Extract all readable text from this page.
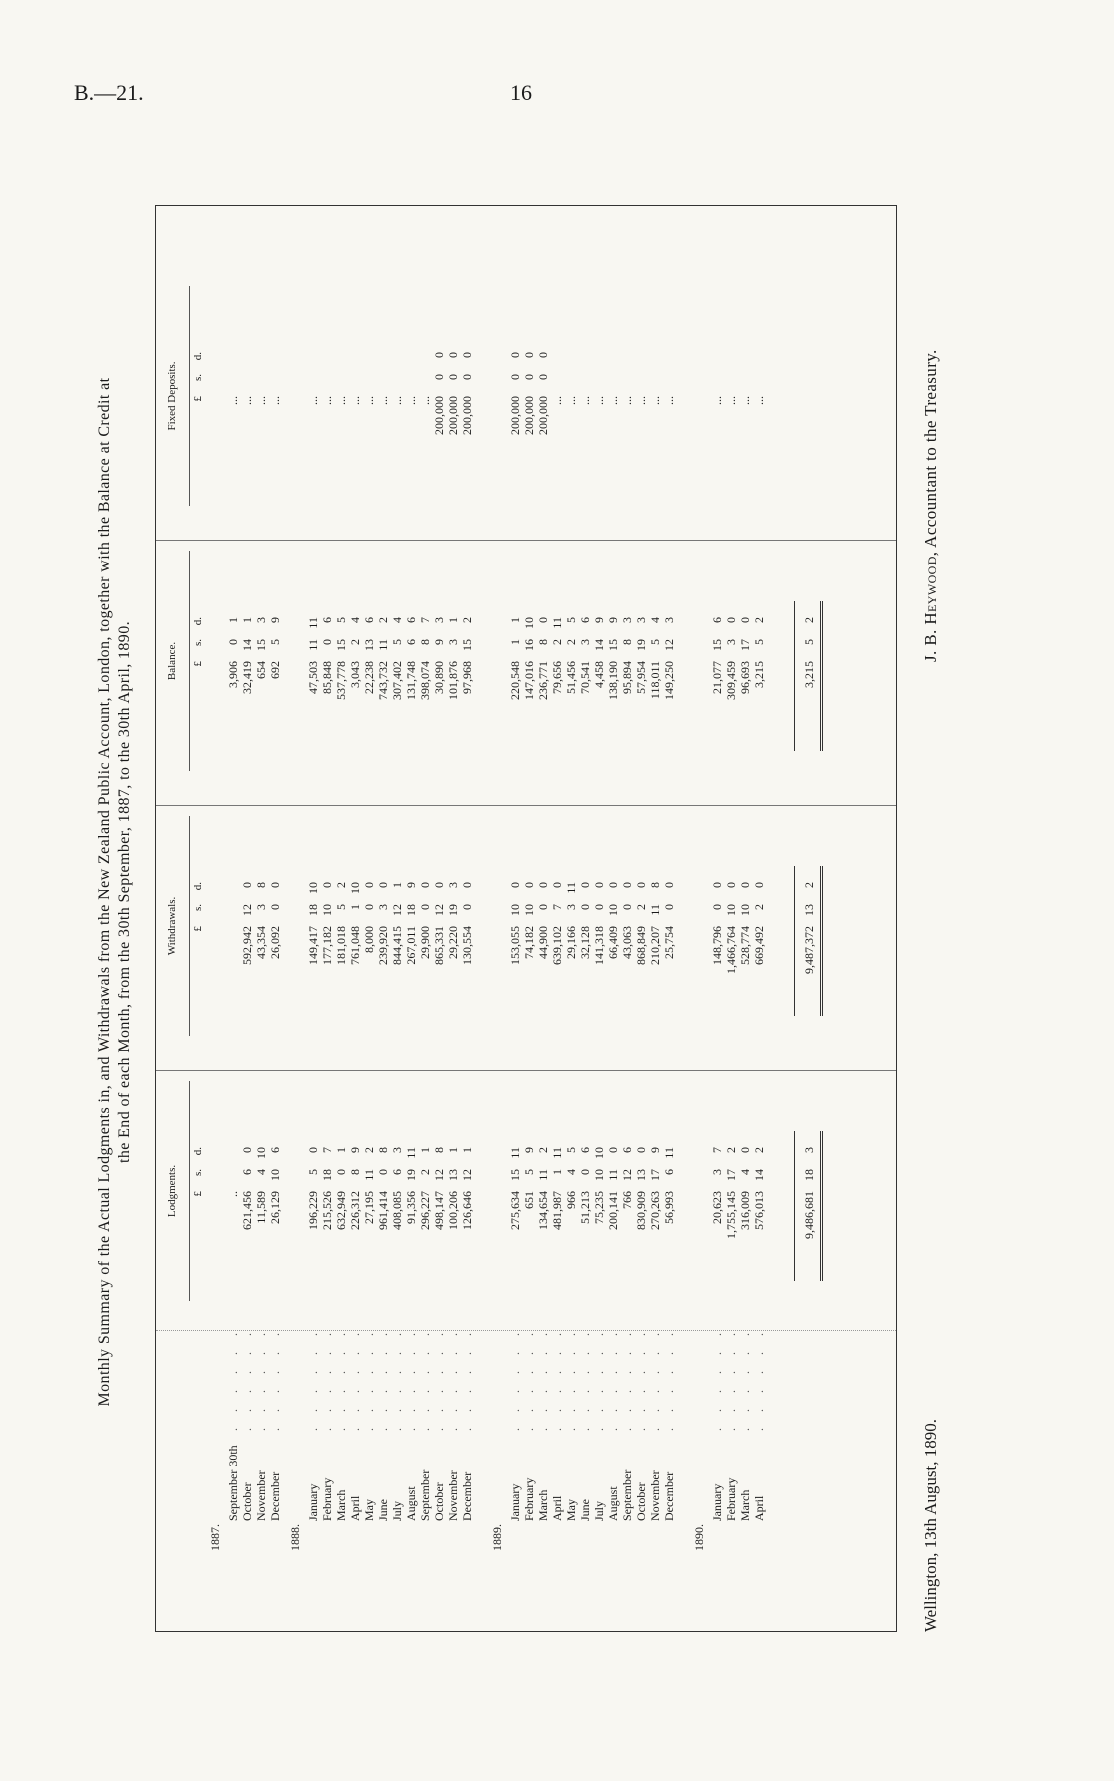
B.—21.	16
Monthly Summary of the Actual Lodgments in, and Withdrawals from the New Zealand Public Account, London, together with the Balance at Credit at the End of each Month, from the 30th September, 1887, to the 30th April, 1890.
Lodgments.
Withdrawals.
Balance.
Fixed Deposits.
£s.d.
£s.d.
£s.d.
£s.d.
1887.
September 30th
......
..
3,90601
...
October
......
621,45660
592,942120
32,419141
...
November
......
11,589410
43,35438
654153
...
December
......
26,129106
26,09200
69259
...
1888.
January
......
196,22950
149,4171810
47,5031111
...
February
......
215,526187
177,182100
85,84806
...
March
......
632,94901
181,01852
537,778155
...
April
......
226,31289
761,048110
3,04324
...
May
......
27,195112
8,00000
22,238136
...
June
......
961,41408
239,92030
743,732112
...
July
......
408,08563
844,415121
307,40254
...
August
......
91,3561911
267,011189
131,74866
...
September
......
296,22721
29,90000
398,07487
...
October
......
498,147128
865,331120
30,89093
200,00000
November
......
100,206131
29,220193
101,87631
200,00000
December
......
126,646121
130,55400
97,968152
200,00000
1889.
January
......
275,6341511
153,055100
220,54811
200,00000
February
......
65159
74,182100
147,0161610
200,00000
March
......
134,654112
44,90000
236,77180
200,00000
April
......
481,987111
639,10270
79,656211
...
May
......
96645
29,166311
51,45625
...
June
......
51,21306
32,12800
70,54136
...
July
......
75,2351010
141,31800
4,458149
...
August
......
200,141110
66,409100
138,190159
...
September
......
766126
43,06300
95,89483
...
October
......
830,909130
868,84920
57,954193
...
November
......
270,263179
210,207118
118,01154
...
December
......
56,993611
25,75400
149,250123
...
1890.
January
......
20,62337
148,79600
21,077156
...
February
......
1,755,145172
1,466,764100
309,45930
...
March
......
316,00940
528,774100
96,693170
...
April
......
576,013142
669,49220
3,21552
...
9,486,681183
9,487,372132
3,21552
Wellington, 13th August, 1890.
J. B. Heywood, Accountant to the Treasury.
